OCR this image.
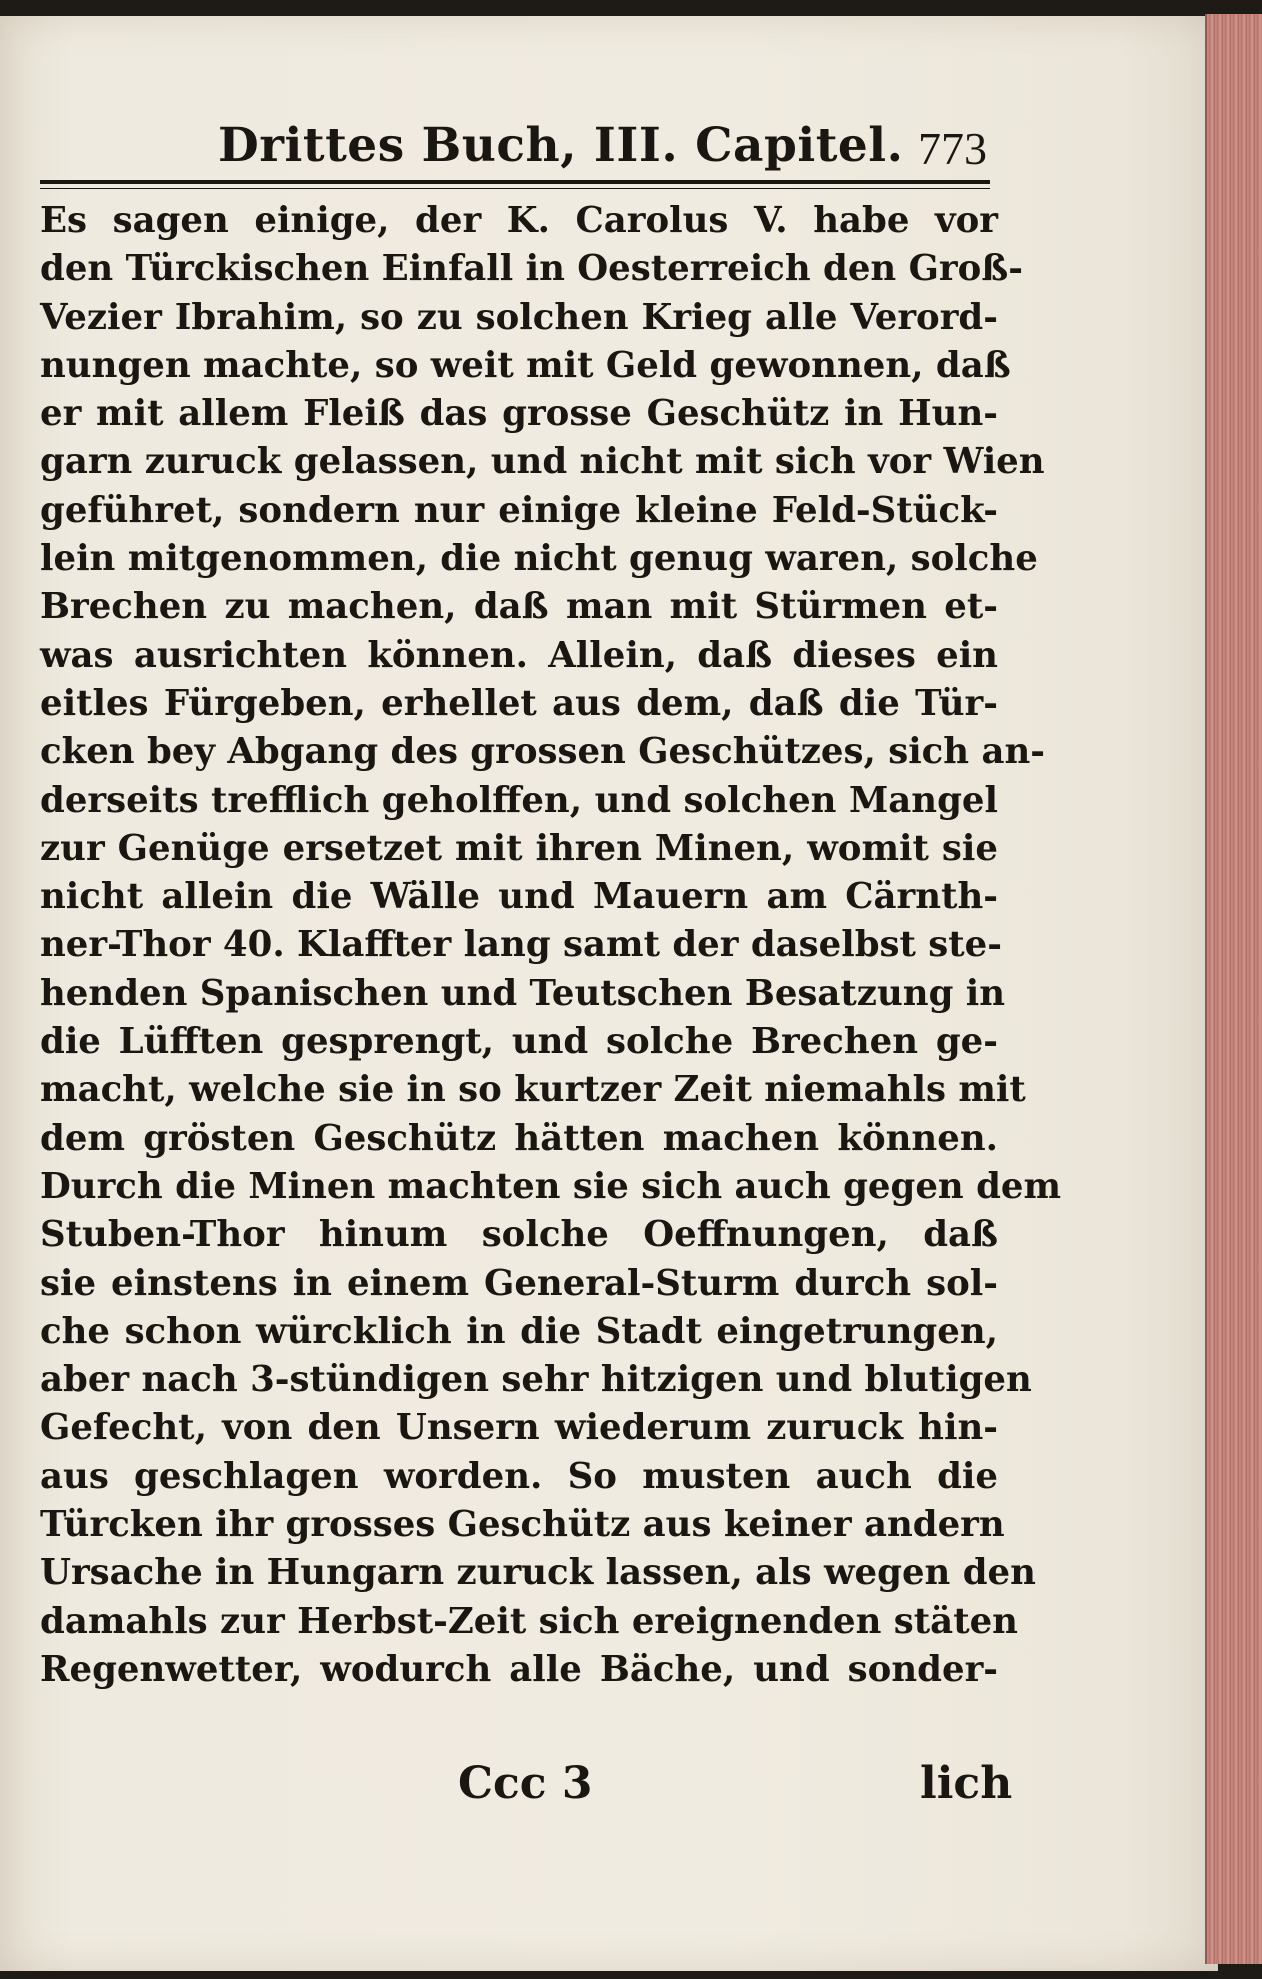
Drittes Buch, III. Capitel. 773
Es sagen einige, der K. Carolus V. habe vor
den Türckischen Einfall in Oesterreich den Groß-
Vezier Ibrahim, so zu solchen Krieg alle Verord-
nungen machte, so weit mit Geld gewonnen, daß
er mit allem Fleiß das grosse Geschütz in Hun-
garn zuruck gelassen, und nicht mit sich vor Wien
geführet, sondern nur einige kleine Feld-Stück-
lein mitgenommen, die nicht genug waren, solche
Brechen zu machen, daß man mit Stürmen et-
was ausrichten können. Allein, daß dieses ein
eitles Fürgeben, erhellet aus dem, daß die Tür-
cken bey Abgang des grossen Geschützes, sich an-
derseits trefflich geholffen, und solchen Mangel
zur Genüge ersetzet mit ihren Minen, womit sie
nicht allein die Wälle und Mauern am Cärnth-
ner-Thor 40. Klaffter lang samt der daselbst ste-
henden Spanischen und Teutschen Besatzung in
die Lüfften gesprengt, und solche Brechen ge-
macht, welche sie in so kurtzer Zeit niemahls mit
dem grösten Geschütz hätten machen können.
Durch die Minen machten sie sich auch gegen dem
Stuben-Thor hinum solche Oeffnungen, daß
sie einstens in einem General-Sturm durch sol-
che schon würcklich in die Stadt eingetrungen,
aber nach 3-stündigen sehr hitzigen und blutigen
Gefecht, von den Unsern wiederum zuruck hin-
aus geschlagen worden. So musten auch die
Türcken ihr grosses Geschütz aus keiner andern
Ursache in Hungarn zuruck lassen, als wegen den
damahls zur Herbst-Zeit sich ereignenden stäten
Regenwetter, wodurch alle Bäche, und sonder-
Ccc 3	lich
